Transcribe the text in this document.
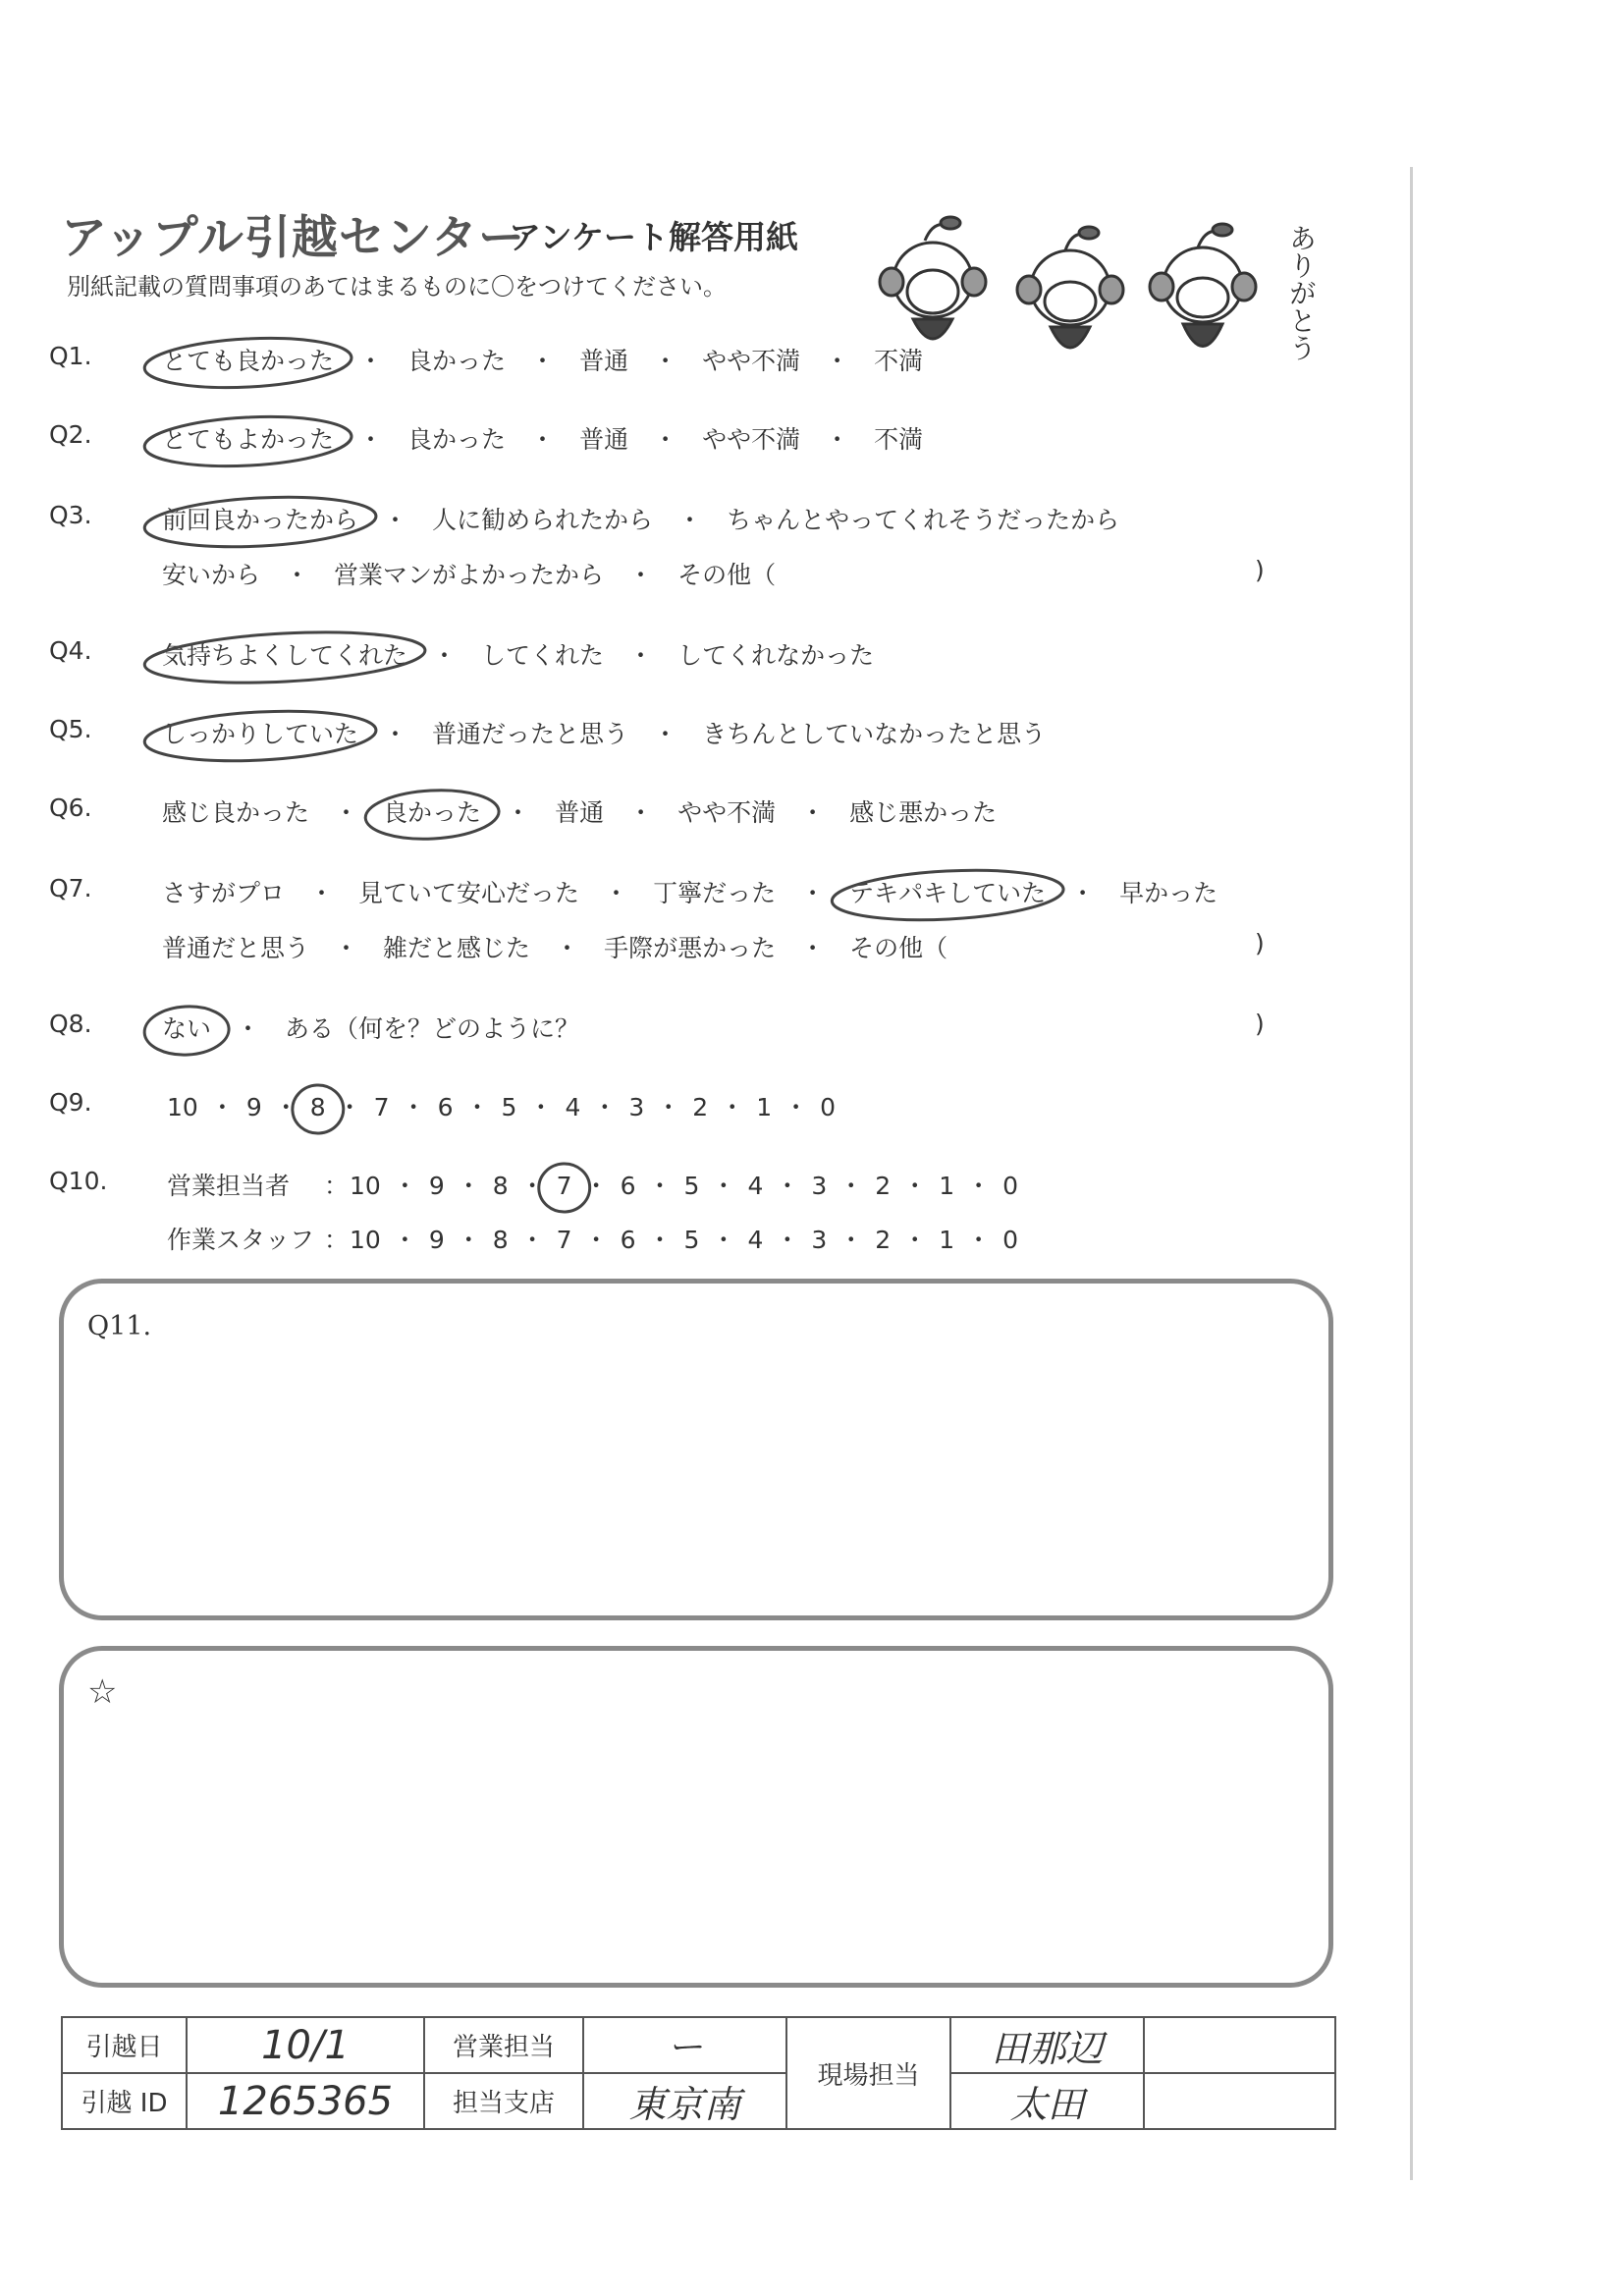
アップル引越センター
アンケート解答用紙
別紙記載の質問事項のあてはまるものに〇をつけてください。	ありがとう
Q1.	とても良かった　・　良かった　・　普通　・　やや不満　・　不満
Q2.	とてもよかった　・　良かった　・　普通　・　やや不満　・　不満
Q3.	前回良かったから　・　人に勧められたから　・　ちゃんとやってくれそうだったから
安いから　・　営業マンがよかったから　・　その他（	)
Q4.	気持ちよくしてくれた　・　してくれた　・　してくれなかった
Q5.	しっかりしていた　・　普通だったと思う　・　きちんとしていなかったと思う
Q6.	感じ良かった　・　良かった　・　普通　・　やや不満　・　感じ悪かった
Q7.	さすがプロ　・　見ていて安心だった　・　丁寧だった　・　テキパキしていた　・　早かった
普通だと思う　・　雑だと感じた　・　手際が悪かった　・　その他（	)
Q8.	ない　・　ある（何を？どのように？	)
Q9.	10 ・ 9 ・ 8 ・ 7 ・ 6 ・ 5 ・ 4 ・ 3 ・ 2 ・ 1 ・ 0
Q10. 営業担当者 ： 10 ・ 9 ・ 8 ・ 7 ・ 6 ・ 5 ・ 4 ・ 3 ・ 2 ・ 1 ・ 0
作業スタッフ ： 10 ・ 9 ・ 8 ・ 7 ・ 6 ・ 5 ・ 4 ・ 3 ・ 2 ・ 1 ・ 0
Q11.
☆
引越日	10/1	営業担当	ー	現場担当	田那辺	
引越 ID	1265365	担当支店	東京南		太田	
